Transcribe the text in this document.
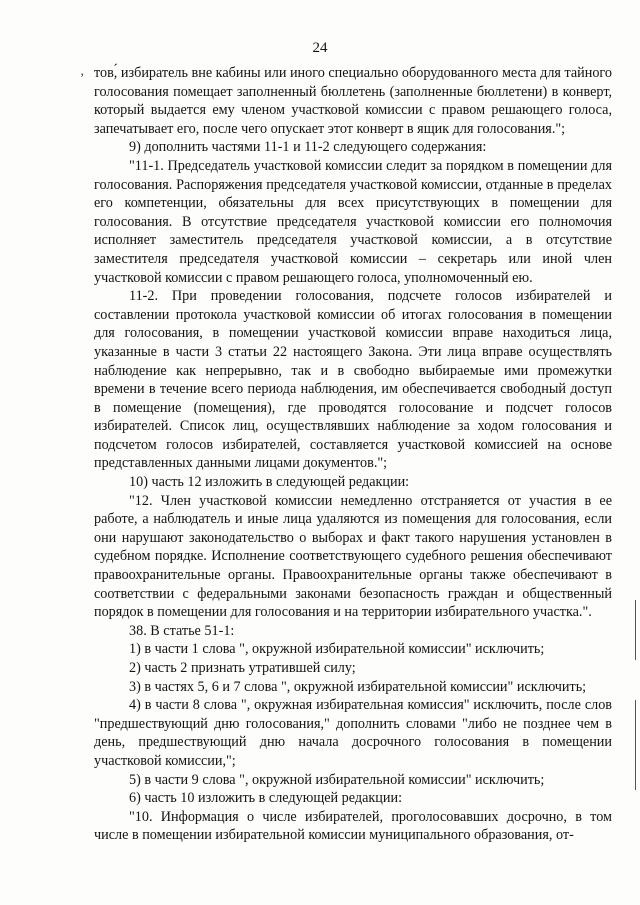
24
’ тов,́ избиратель вне кабины или иного специально оборудованного места для тайного голосования помещает заполненный бюллетень (заполненные бюллетени) в конверт, который выдается ему членом участковой комиссии с правом решающего голоса, запечатывает его, после чего опускает этот конверт в ящик для голосования.";

9) дополнить частями 11-1 и 11-2 следующего содержания:

"11-1. Председатель участковой комиссии следит за порядком в помещении для голосования. Распоряжения председателя участковой комиссии, отданные в пределах его компетенции, обязательны для всех присутствующих в помещении для голосования. В отсутствие председателя участковой комиссии его полномочия исполняет заместитель председателя участковой комиссии, а в отсутствие заместителя председателя участковой комиссии – секретарь или иной член участковой комиссии с правом решающего голоса, уполномоченный ею.

11-2. При проведении голосования, подсчете голосов избирателей и составлении протокола участковой комиссии об итогах голосования в помещении для голосования, в помещении участковой комиссии вправе находиться лица, указанные в части 3 статьи 22 настоящего Закона. Эти лица вправе осуществлять наблюдение как непрерывно, так и в свободно выбираемые ими промежутки времени в течение всего периода наблюдения, им обеспечивается свободный доступ в помещение (помещения), где проводятся голосование и подсчет голосов избирателей. Список лиц, осуществлявших наблюдение за ходом голосования и подсчетом голосов избирателей, составляется участковой комиссией на основе представленных данными лицами документов.";

10) часть 12 изложить в следующей редакции:

"12. Член участковой комиссии немедленно отстраняется от участия в ее работе, а наблюдатель и иные лица удаляются из помещения для голосования, если они нарушают законодательство о выборах и факт такого нарушения установлен в судебном порядке. Исполнение соответствующего судебного решения обеспечивают правоохранительные органы. Правоохранительные органы также обеспечивают в соответствии с федеральными законами безопасность граждан и общественный порядок в помещении для голосования и на территории избирательного участка.".

38. В статье 51-1:

1) в части 1 слова ", окружной избирательной комиссии" исключить;

2) часть 2 признать утратившей силу;

3) в частях 5, 6 и 7 слова ", окружной избирательной комиссии" исключить;

4) в части 8 слова ", окружная избирательная комиссия" исключить, после слов "предшествующий дню голосования," дополнить словами "либо не позднее чем в день, предшествующий дню начала досрочного голосования в помещении участковой комиссии,";

5) в части 9 слова ", окружной избирательной комиссии" исключить;

6) часть 10 изложить в следующей редакции:

"10. Информация о числе избирателей, проголосовавших досрочно, в том числе в помещении избирательной комиссии муниципального образования, от-
